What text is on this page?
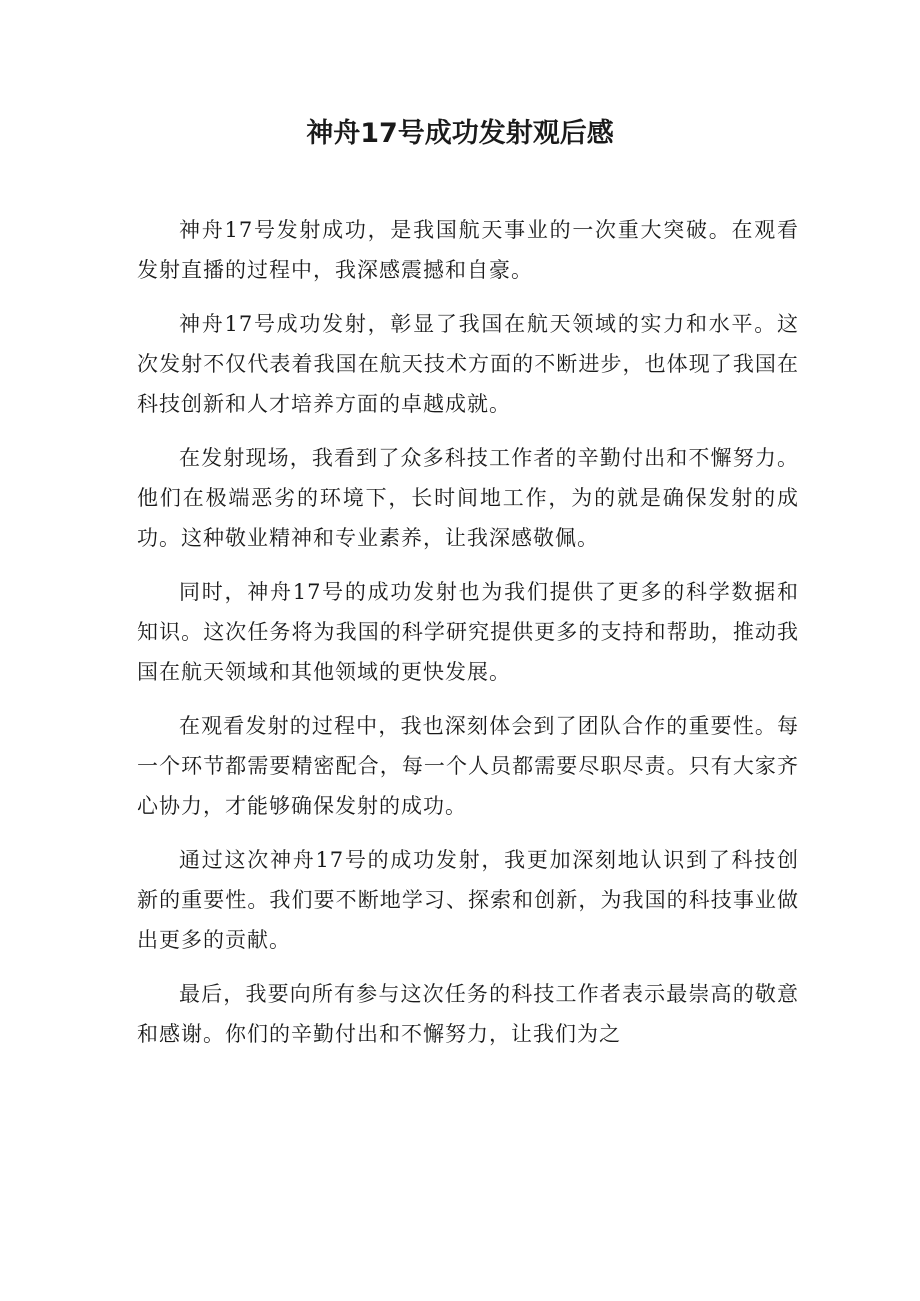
神舟17号成功发射观后感

神舟17号发射成功，是我国航天事业的一次重大突破。在观看发射直播的过程中，我深感震撼和自豪。

神舟17号成功发射，彰显了我国在航天领域的实力和水平。这次发射不仅代表着我国在航天技术方面的不断进步，也体现了我国在科技创新和人才培养方面的卓越成就。

在发射现场，我看到了众多科技工作者的辛勤付出和不懈努力。他们在极端恶劣的环境下，长时间地工作，为的就是确保发射的成功。这种敬业精神和专业素养，让我深感敬佩。

同时，神舟17号的成功发射也为我们提供了更多的科学数据和知识。这次任务将为我国的科学研究提供更多的支持和帮助，推动我国在航天领域和其他领域的更快发展。

在观看发射的过程中，我也深刻体会到了团队合作的重要性。每一个环节都需要精密配合，每一个人员都需要尽职尽责。只有大家齐心协力，才能够确保发射的成功。

通过这次神舟17号的成功发射，我更加深刻地认识到了科技创新的重要性。我们要不断地学习、探索和创新，为我国的科技事业做出更多的贡献。

最后，我要向所有参与这次任务的科技工作者表示最崇高的敬意和感谢。你们的辛勤付出和不懈努力，让我们为之
